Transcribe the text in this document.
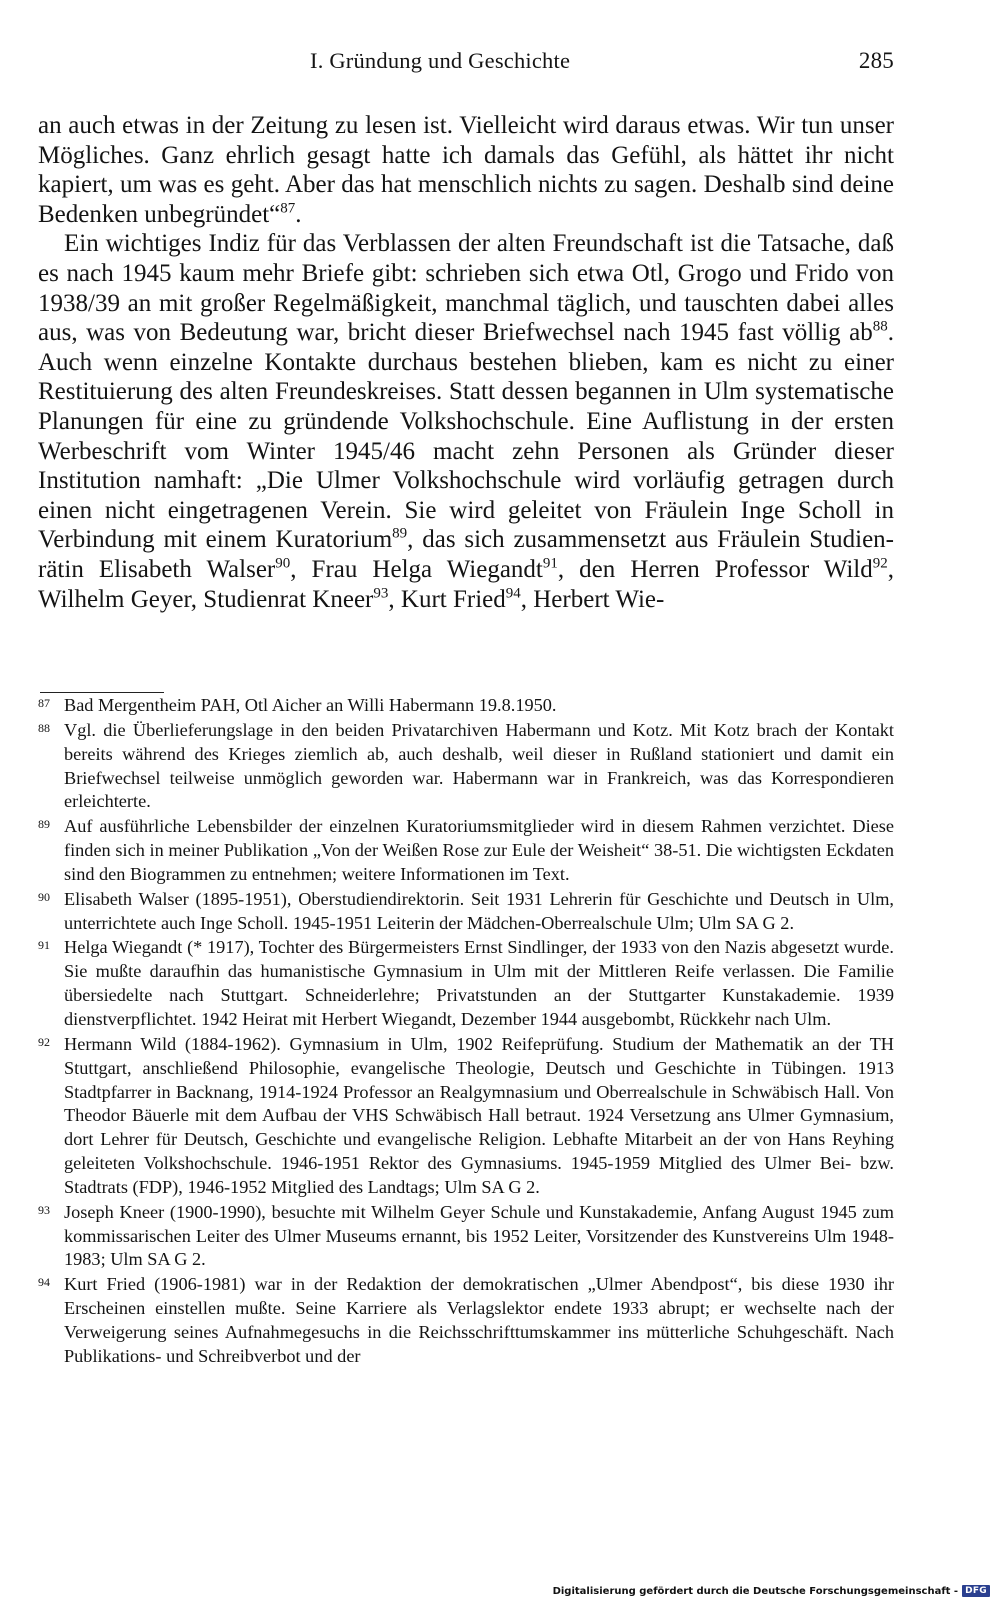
I. Gründung und Geschichte	285

an auch etwas in der Zeitung zu lesen ist. Vielleicht wird daraus etwas. Wir tun unser Mögliches. Ganz ehrlich gesagt hatte ich damals das Gefühl, als hättet ihr nicht kapiert, um was es geht. Aber das hat menschlich nichts zu sagen. Deshalb sind deine Bedenken unbegründet“$^{87}$.

Ein wichtiges Indiz für das Verblassen der alten Freundschaft ist die Tatsache, daß es nach 1945 kaum mehr Briefe gibt: schrieben sich etwa Otl, Grogo und Frido von 1938/39 an mit großer Regelmäßigkeit, manchmal täglich, und tauschten dabei alles aus, was von Bedeutung war, bricht dieser Briefwechsel nach 1945 fast völlig ab$^{88}$. Auch wenn einzelne Kontakte durchaus bestehen blieben, kam es nicht zu einer Restituierung des alten Freundeskreises. Statt dessen begannen in Ulm systematische Planungen für eine zu gründende Volkshochschule. Eine Auflistung in der ersten Werbeschrift vom Winter 1945/46 macht zehn Personen als Gründer dieser Institution namhaft: „Die Ulmer Volkshochschule wird vorläufig getragen durch einen nicht eingetragenen Verein. Sie wird geleitet von Fräulein Inge Scholl in Verbindung mit einem Kuratorium$^{89}$, das sich zusammensetzt aus Fräulein Studienrätin Elisabeth Walser$^{90}$, Frau Helga Wiegandt$^{91}$, den Herren Professor Wild$^{92}$, Wilhelm Geyer, Studienrat Kneer$^{93}$, Kurt Fried$^{94}$, Herbert Wie-

87 Bad Mergentheim PAH, Otl Aicher an Willi Habermann 19.8.1950.
88 Vgl. die Überlieferungslage in den beiden Privatarchiven Habermann und Kotz. Mit Kotz brach der Kontakt bereits während des Krieges ziemlich ab, auch deshalb, weil dieser in Rußland stationiert und damit ein Briefwechsel teilweise unmöglich geworden war. Habermann war in Frankreich, was das Korrespondieren erleichterte.
89 Auf ausführliche Lebensbilder der einzelnen Kuratoriumsmitglieder wird in diesem Rahmen verzichtet. Diese finden sich in meiner Publikation „Von der Weißen Rose zur Eule der Weisheit“ 38-51. Die wichtigsten Eckdaten sind den Biogrammen zu entnehmen; weitere Informationen im Text.
90 Elisabeth Walser (1895-1951), Oberstudiendirektorin. Seit 1931 Lehrerin für Geschichte und Deutsch in Ulm, unterrichtete auch Inge Scholl. 1945-1951 Leiterin der Mädchen-Oberrealschule Ulm; Ulm SA G 2.
91 Helga Wiegandt (* 1917), Tochter des Bürgermeisters Ernst Sindlinger, der 1933 von den Nazis abgesetzt wurde. Sie mußte daraufhin das humanistische Gymnasium in Ulm mit der Mittleren Reife verlassen. Die Familie übersiedelte nach Stuttgart. Schneiderlehre; Privatstunden an der Stuttgarter Kunstakademie. 1939 dienstverpflichtet. 1942 Heirat mit Herbert Wiegandt, Dezember 1944 ausgebombt, Rückkehr nach Ulm.
92 Hermann Wild (1884-1962). Gymnasium in Ulm, 1902 Reifeprüfung. Studium der Mathematik an der TH Stuttgart, anschließend Philosophie, evangelische Theologie, Deutsch und Geschichte in Tübingen. 1913 Stadtpfarrer in Backnang, 1914-1924 Professor an Realgymnasium und Oberrealschule in Schwäbisch Hall. Von Theodor Bäuerle mit dem Aufbau der VHS Schwäbisch Hall betraut. 1924 Versetzung ans Ulmer Gymnasium, dort Lehrer für Deutsch, Geschichte und evangelische Religion. Lebhafte Mitarbeit an der von Hans Reyhing geleiteten Volkshochschule. 1946-1951 Rektor des Gymnasiums. 1945-1959 Mitglied des Ulmer Bei- bzw. Stadtrats (FDP), 1946-1952 Mitglied des Landtags; Ulm SA G 2.
93 Joseph Kneer (1900-1990), besuchte mit Wilhelm Geyer Schule und Kunstakademie, Anfang August 1945 zum kommissarischen Leiter des Ulmer Museums ernannt, bis 1952 Leiter, Vorsitzender des Kunstvereins Ulm 1948-1983; Ulm SA G 2.
94 Kurt Fried (1906-1981) war in der Redaktion der demokratischen „Ulmer Abendpost“, bis diese 1930 ihr Erscheinen einstellen mußte. Seine Karriere als Verlagslektor endete 1933 abrupt; er wechselte nach der Verweigerung seines Aufnahmegesuchs in die Reichsschrifttumskammer ins mütterliche Schuhgeschäft. Nach Publikations- und Schreibverbot und der
Digitalisierung gefördert durch die Deutsche Forschungsgemeinschaft - DFG
